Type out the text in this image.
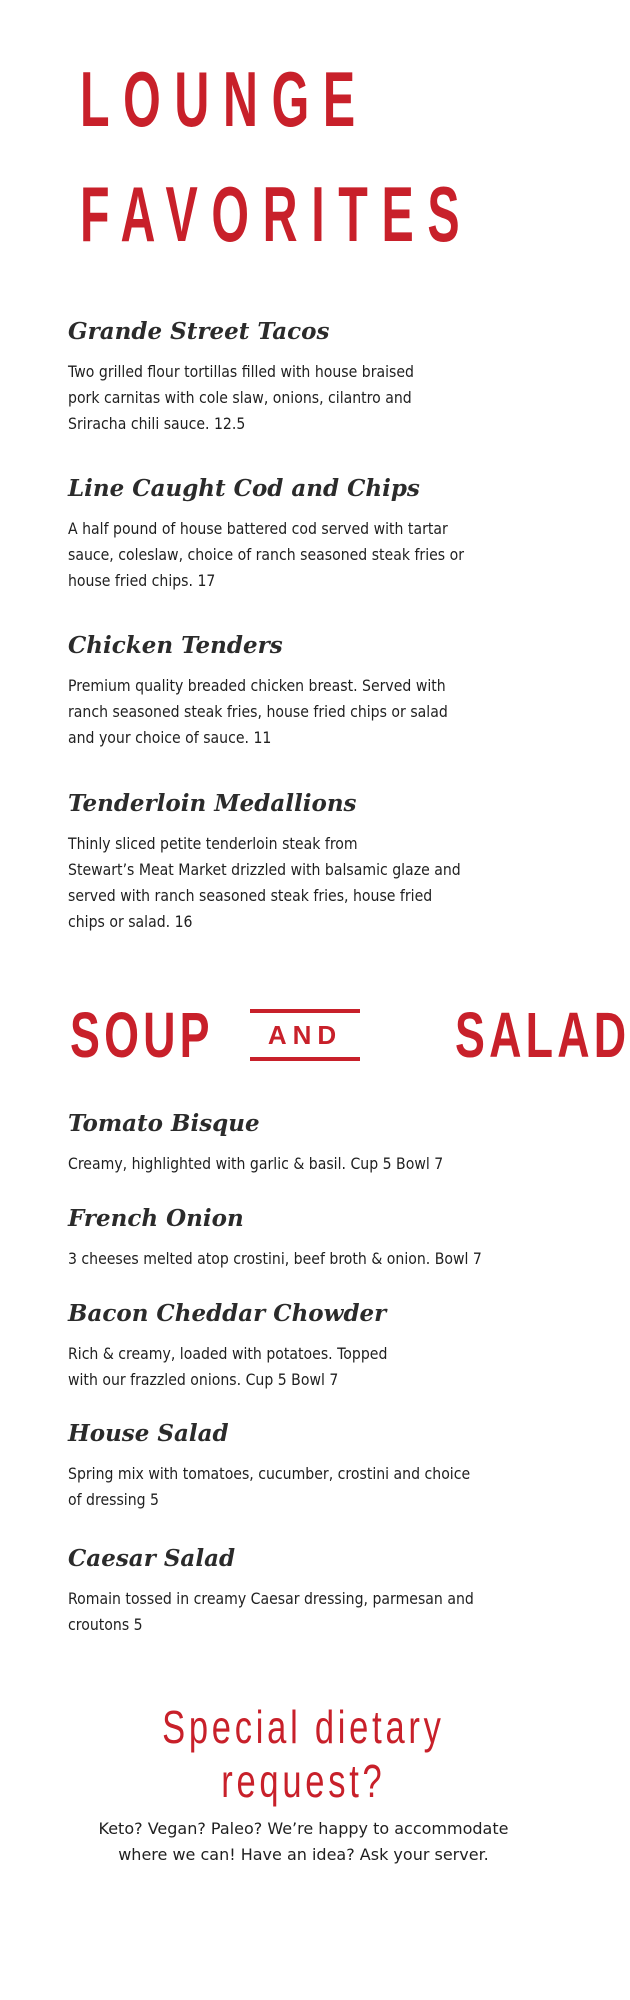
LOUNGE
FAVORITES

Grande Street Tacos

Two grilled flour tortillas filled with house braised
pork carnitas with cole slaw, onions, cilantro and
Sriracha chili sauce. 12.5

Line Caught Cod and Chips

A half pound of house battered cod served with tartar
sauce, coleslaw, choice of ranch seasoned steak fries or
house fried chips. 17

Chicken Tenders

Premium quality breaded chicken breast. Served with
ranch seasoned steak fries, house fried chips or salad
and your choice of sauce. 11

Tenderloin Medallions

Thinly sliced petite tenderloin steak from
Stewart’s Meat Market drizzled with balsamic glaze and
served with ranch seasoned steak fries, house fried
chips or salad. 16

SOUP	AND SALAD

Tomato Bisque

Creamy, highlighted with garlic & basil. Cup 5 Bowl 7

French Onion

3 cheeses melted atop crostini, beef broth & onion. Bowl 7

Bacon Cheddar Chowder

Rich & creamy, loaded with potatoes. Topped
with our frazzled onions. Cup 5 Bowl 7

House Salad

Spring mix with tomatoes, cucumber, crostini and choice
of dressing 5

Caesar Salad

Romain tossed in creamy Caesar dressing, parmesan and
croutons 5

Special dietary
request?

Keto? Vegan? Paleo? We’re happy to accommodate
where we can! Have an idea? Ask your server.
